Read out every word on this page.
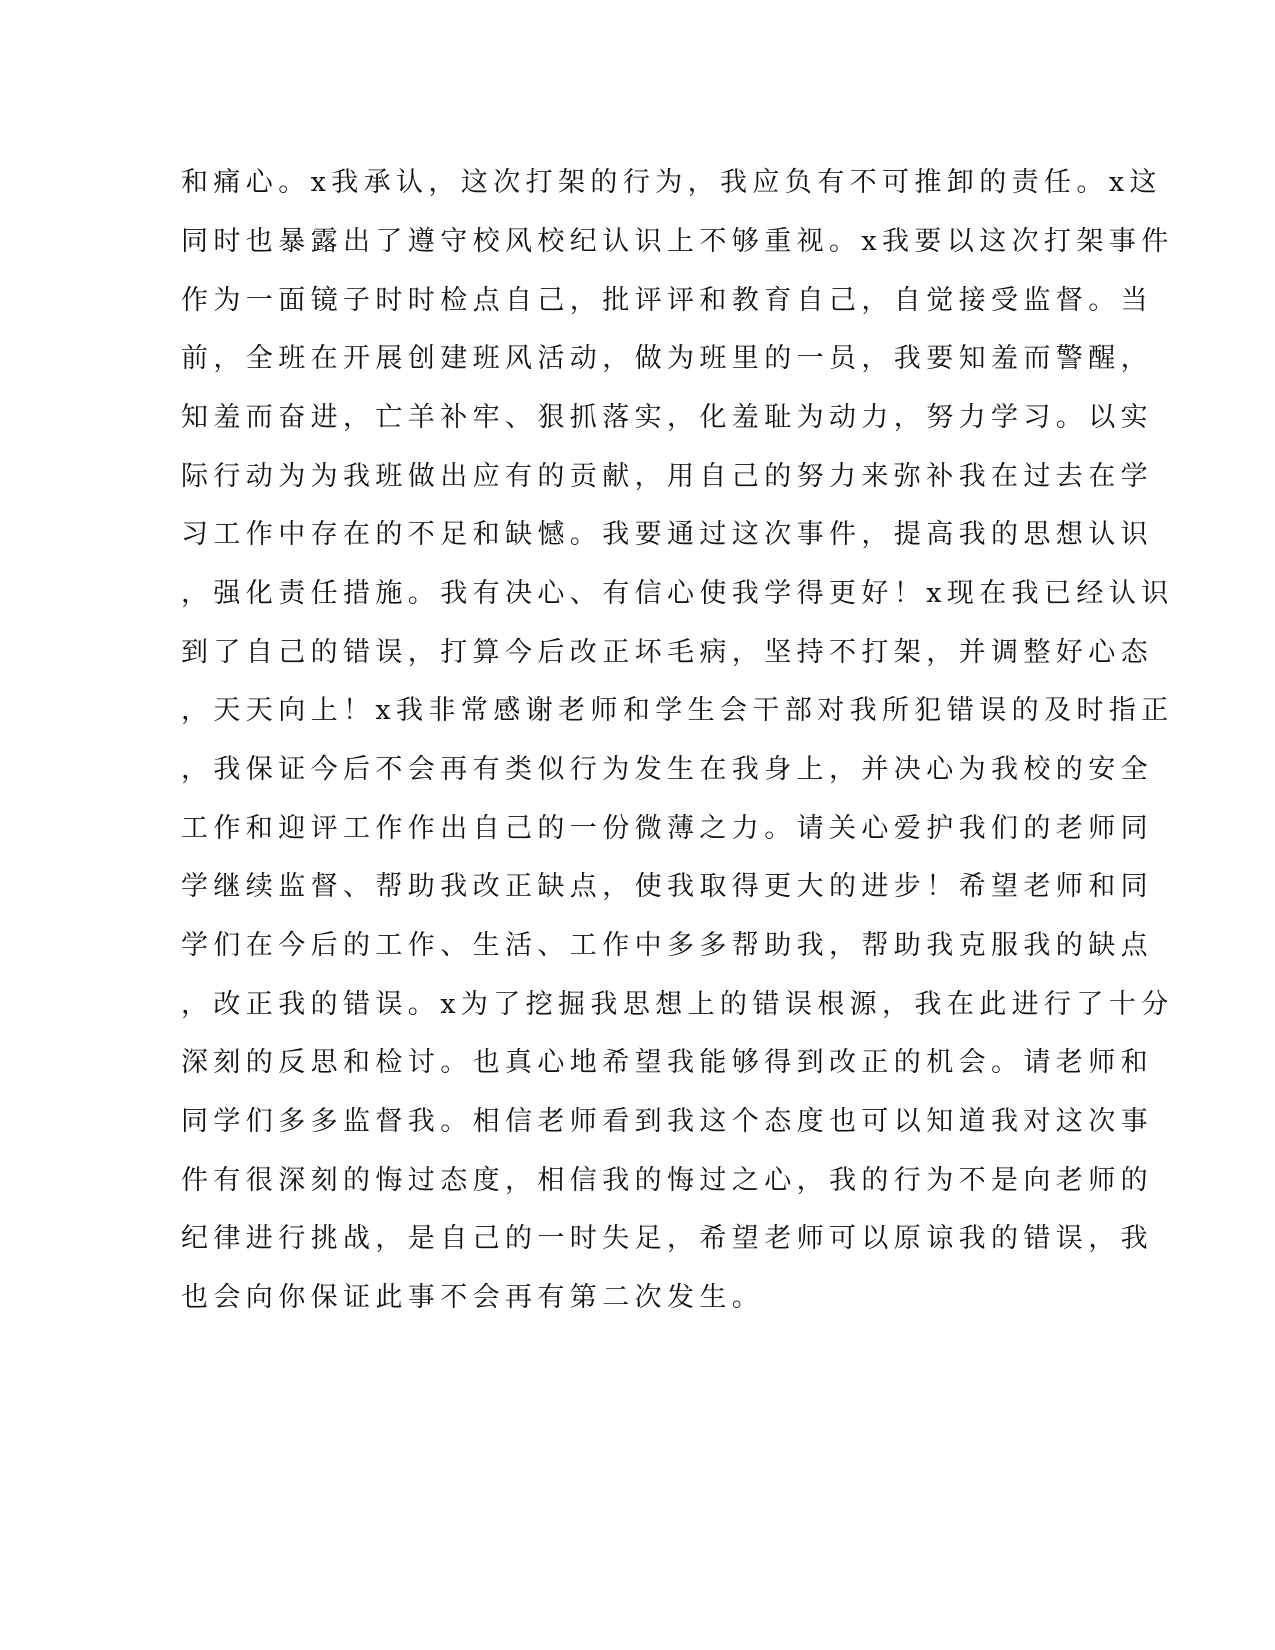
和痛心。x我承认，这次打架的行为，我应负有不可推卸的责任。x这
同时也暴露出了遵守校风校纪认识上不够重视。x我要以这次打架事件
作为一面镜子时时检点自己，批评评和教育自己，自觉接受监督。当
前，全班在开展创建班风活动，做为班里的一员，我要知羞而警醒，
知羞而奋进，亡羊补牢、狠抓落实，化羞耻为动力，努力学习。以实
际行动为为我班做出应有的贡献，用自己的努力来弥补我在过去在学
习工作中存在的不足和缺憾。我要通过这次事件，提高我的思想认识
，强化责任措施。我有决心、有信心使我学得更好！x现在我已经认识
到了自己的错误，打算今后改正坏毛病，坚持不打架，并调整好心态
，天天向上！x我非常感谢老师和学生会干部对我所犯错误的及时指正
，我保证今后不会再有类似行为发生在我身上，并决心为我校的安全
工作和迎评工作作出自己的一份微薄之力。请关心爱护我们的老师同
学继续监督、帮助我改正缺点，使我取得更大的进步！希望老师和同
学们在今后的工作、生活、工作中多多帮助我，帮助我克服我的缺点
，改正我的错误。x为了挖掘我思想上的错误根源，我在此进行了十分
深刻的反思和检讨。也真心地希望我能够得到改正的机会。请老师和
同学们多多监督我。相信老师看到我这个态度也可以知道我对这次事
件有很深刻的悔过态度，相信我的悔过之心，我的行为不是向老师的
纪律进行挑战，是自己的一时失足，希望老师可以原谅我的错误，我
也会向你保证此事不会再有第二次发生。
